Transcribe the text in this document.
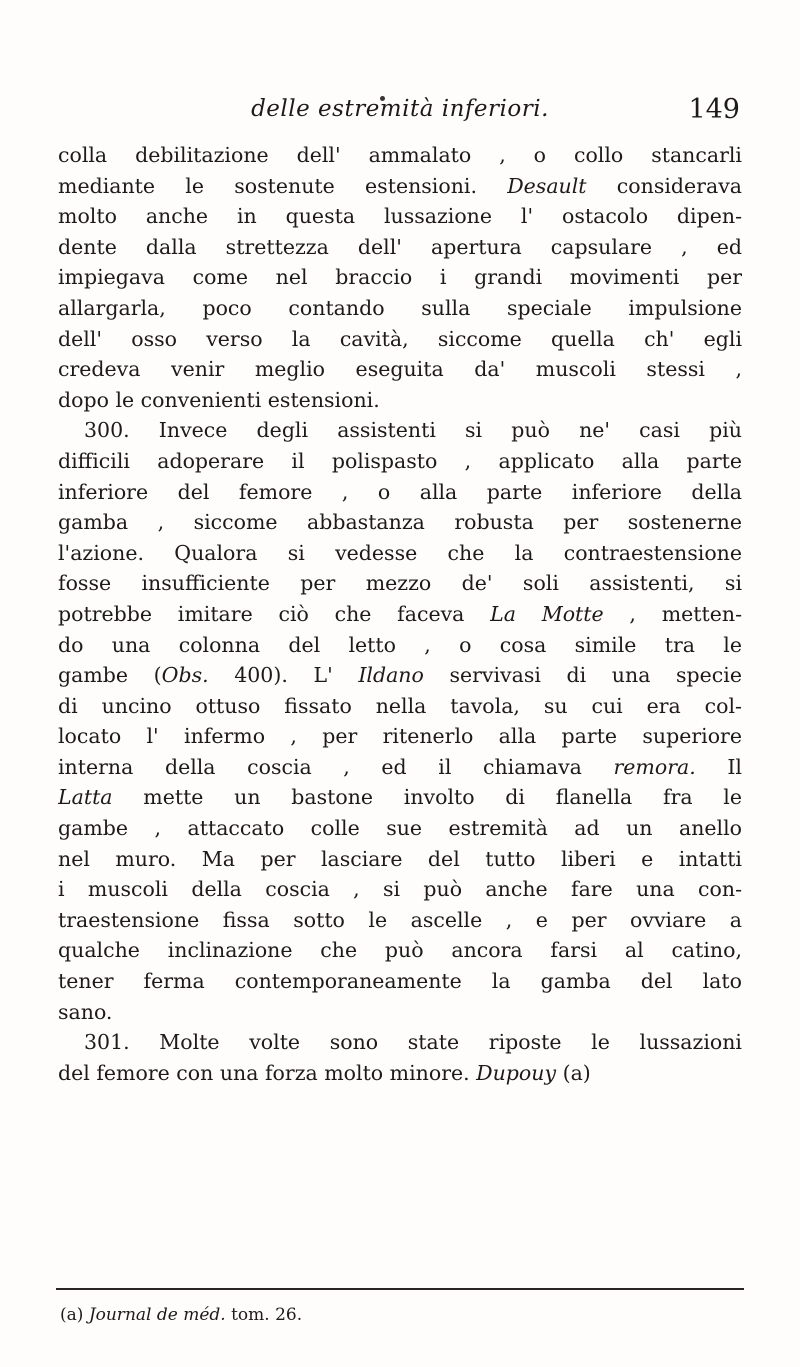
delle estremità inferiori.	149
colla debilitazione dell' ammalato , o collo stancarli
mediante le sostenute estensioni. Desault considerava
molto anche in questa lussazione l' ostacolo dipen-
dente dalla strettezza dell' apertura capsulare , ed
impiegava come nel braccio i grandi movimenti per
allargarla, poco contando sulla speciale impulsione
dell' osso verso la cavità, siccome quella ch' egli
credeva venir meglio eseguita da' muscoli stessi ,
dopo le convenienti estensioni.
300. Invece degli assistenti si può ne' casi più
difficili adoperare il polispasto , applicato alla parte
inferiore del femore , o alla parte inferiore della
gamba , siccome abbastanza robusta per sostenerne
l'azione. Qualora si vedesse che la contraestensione
fosse insufficiente per mezzo de' soli assistenti, si
potrebbe imitare ciò che faceva La Motte , metten-
do una colonna del letto , o cosa simile tra le
gambe (Obs. 400). L' Ildano servivasi di una specie
di uncino ottuso fissato nella tavola, su cui era col-
locato l' infermo , per ritenerlo alla parte superiore
interna della coscia , ed il chiamava remora. Il
Latta mette un bastone involto di flanella fra le
gambe , attaccato colle sue estremità ad un anello
nel muro. Ma per lasciare del tutto liberi e intatti
i muscoli della coscia , si può anche fare una con-
traestensione fissa sotto le ascelle , e per ovviare a
qualche inclinazione che può ancora farsi al catino,
tener ferma contemporaneamente la gamba del lato
sano.
301. Molte volte sono state riposte le lussazioni
del femore con una forza molto minore. Dupouy (a)
(a) Journal de méd. tom. 26.
